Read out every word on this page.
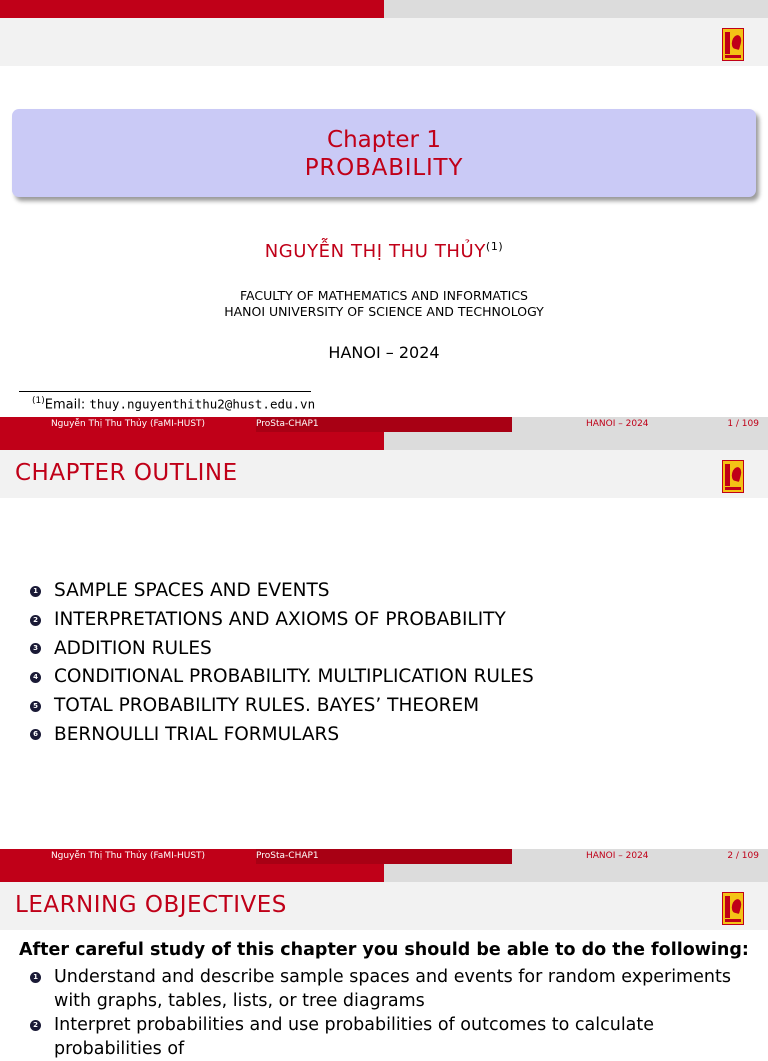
Chapter 1
PROBABILITY
NGUYỄN THỊ THU THỦY$^{(1)}$
FACULTY OF MATHEMATICS AND INFORMATICS
HANOI UNIVERSITY OF SCIENCE AND TECHNOLOGY
HANOI – 2024
$^{(1)}$Email: thuy.nguyenthithu2@hust.edu.vn
Nguyễn Thị Thu Thủy (FaMI-HUST)	ProSta-CHAP1	HANOI – 2024	1 / 109
CHAPTER OUTLINE
Nguyễn Thị Thu Thủy (FaMI-HUST)	ProSta-CHAP1	HANOI – 2024	2 / 109
1 SAMPLE SPACES AND EVENTS
2 INTERPRETATIONS AND AXIOMS OF PROBABILITY
3 ADDITION RULES
4 CONDITIONAL PROBABILITY. MULTIPLICATION RULES
5 TOTAL PROBABILITY RULES. BAYES’ THEOREM
6 BERNOULLI TRIAL FORMULARS
LEARNING OBJECTIVES
After careful study of this chapter you should be able to do the following:
1 Understand and describe sample spaces and events for random experiments with graphs, tables, lists, or tree diagrams
2 Interpret probabilities and use probabilities of outcomes to calculate probabilities of
